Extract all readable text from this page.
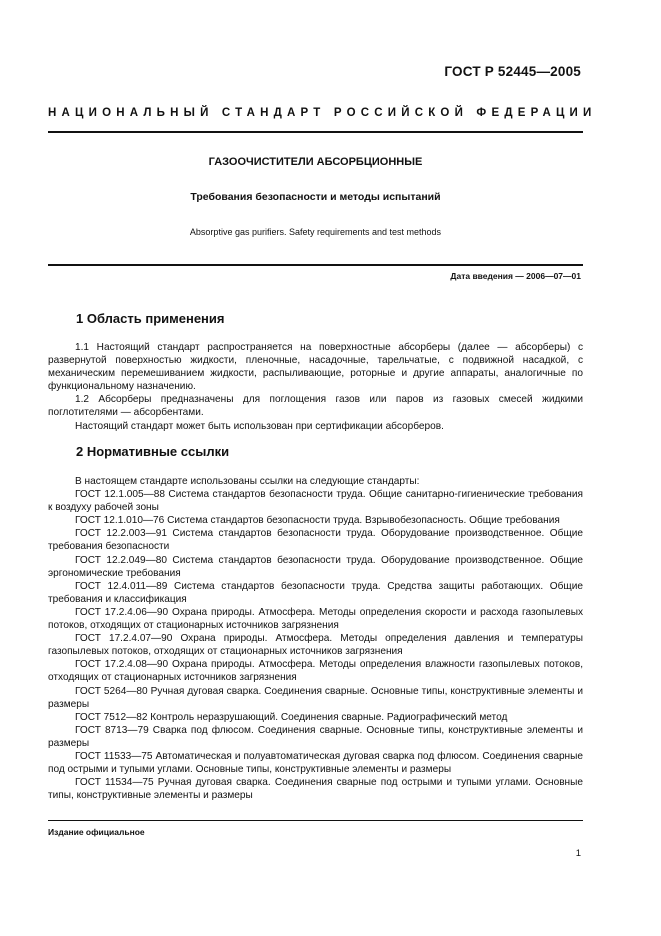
ГОСТ Р 52445—2005
НАЦИОНАЛЬНЫЙ СТАНДАРТ РОССИЙСКОЙ ФЕДЕРАЦИИ
ГАЗООЧИСТИТЕЛИ АБСОРБЦИОННЫЕ
Требования безопасности и методы испытаний
Absorptive gas purifiers. Safety requirements and test methods
Дата введения — 2006—07—01
1 Область применения

1.1 Настоящий стандарт распространяется на поверхностные абсорберы (далее — абсорберы) с развернутой поверхностью жидкости, пленочные, насадочные, тарельчатые, с подвижной насадкой, с механическим перемешиванием жидкости, распыливающие, роторные и другие аппараты, аналогичные по функциональному назначению.

1.2 Абсорберы предназначены для поглощения газов или паров из газовых смесей жидкими поглотителями — абсорбентами.

Настоящий стандарт может быть использован при сертификации абсорберов.

2 Нормативные ссылки

В настоящем стандарте использованы ссылки на следующие стандарты:

ГОСТ 12.1.005—88 Система стандартов безопасности труда. Общие санитарно-гигиенические требования к воздуху рабочей зоны

ГОСТ 12.1.010—76 Система стандартов безопасности труда. Взрывобезопасность. Общие требования

ГОСТ 12.2.003—91 Система стандартов безопасности труда. Оборудование производственное. Общие требования безопасности

ГОСТ 12.2.049—80 Система стандартов безопасности труда. Оборудование производственное. Общие эргономические требования

ГОСТ 12.4.011—89 Система стандартов безопасности труда. Средства защиты работающих. Общие требования и классификация

ГОСТ 17.2.4.06—90 Охрана природы. Атмосфера. Методы определения скорости и расхода газопылевых потоков, отходящих от стационарных источников загрязнения

ГОСТ 17.2.4.07—90 Охрана природы. Атмосфера. Методы определения давления и температуры газопылевых потоков, отходящих от стационарных источников загрязнения

ГОСТ 17.2.4.08—90 Охрана природы. Атмосфера. Методы определения влажности газопылевых потоков, отходящих от стационарных источников загрязнения

ГОСТ 5264—80 Ручная дуговая сварка. Соединения сварные. Основные типы, конструктивные элементы и размеры

ГОСТ 7512—82 Контроль неразрушающий. Соединения сварные. Радиографический метод

ГОСТ 8713—79 Сварка под флюсом. Соединения сварные. Основные типы, конструктивные элементы и размеры

ГОСТ 11533—75 Автоматическая и полуавтоматическая дуговая сварка под флюсом. Соединения сварные под острыми и тупыми углами. Основные типы, конструктивные элементы и размеры

ГОСТ 11534—75 Ручная дуговая сварка. Соединения сварные под острыми и тупыми углами. Основные типы, конструктивные элементы и размеры

Издание официальное
1
